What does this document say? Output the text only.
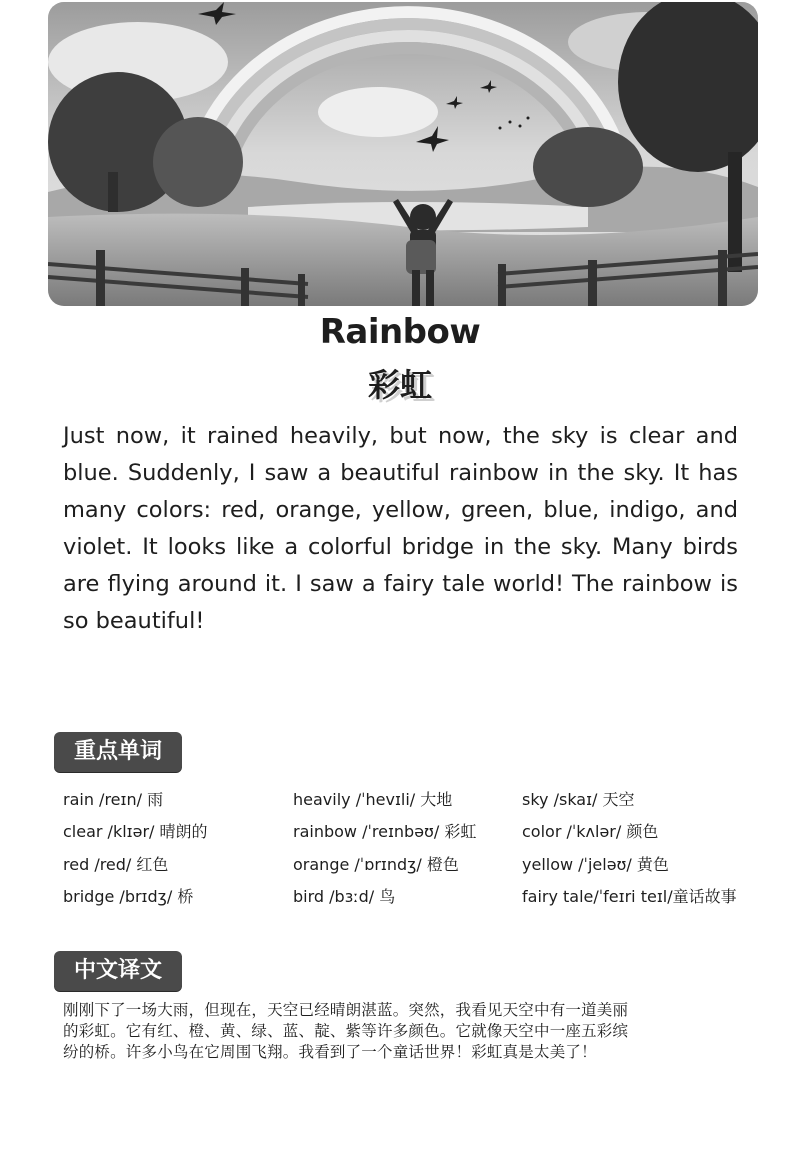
Rainbow
彩虹

Just now, it rained heavily, but now, the sky is clear and blue. Suddenly, I saw a beautiful rainbow in the sky. It has many colors: red, orange, yellow, green, blue, indigo, and violet. It looks like a colorful bridge in the sky. Many birds are flying around it. I saw a fairy tale world! The rainbow is so beautiful!

重点单词
rain /reɪn/ 雨	heavily /ˈhevɪli/ 大地	sky /skaɪ/ 天空
clear /klɪər/ 晴朗的	rainbow /ˈreɪnbəʊ/ 彩虹	color /ˈkʌlər/ 颜色
red /red/ 红色	orange /ˈɒrɪndʒ/ 橙色	yellow /ˈjeləʊ/ 黄色
bridge /brɪdʒ/ 桥	bird /bɜːd/ 鸟	fairy tale/ˈfeɪri teɪl/童话故事
中文译文

刚刚下了一场大雨，但现在，天空已经晴朗湛蓝。突然，我看见天空中有一道美丽的彩虹。它有红、橙、黄、绿、蓝、靛、紫等许多颜色。它就像天空中一座五彩缤纷的桥。许多小鸟在它周围飞翔。我看到了一个童话世界！彩虹真是太美了！
